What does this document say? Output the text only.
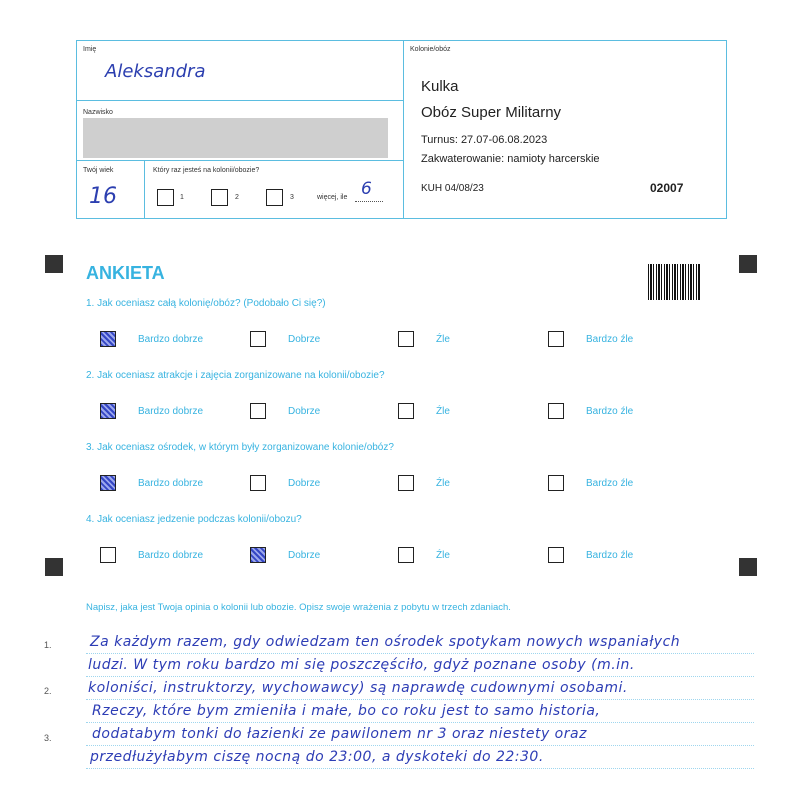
Imię
Aleksandra
Nazwisko
Twój wiek
16
Który raz jesteś na kolonii/obozie?
1	2	3	więcej, ile 6
Kolonie/obóz
Kulka
Obóz Super Militarny
Turnus: 27.07-06.08.2023
Zakwaterowanie: namioty harcerskie
KUH 04/08/23	02007
ANKIETA
1. Jak oceniasz całą kolonię/obóz? (Podobało Ci się?)
Bardzo dobrze	Dobrze	Źle	Bardzo źle
2. Jak oceniasz atrakcje i zajęcia zorganizowane na kolonii/obozie?
Bardzo dobrze	Dobrze	Źle	Bardzo źle
3. Jak oceniasz ośrodek, w którym były zorganizowane kolonie/obóz?
Bardzo dobrze	Dobrze	Źle	Bardzo źle
4. Jak oceniasz jedzenie podczas kolonii/obozu?
Bardzo dobrze	Dobrze	Źle	Bardzo źle
Napisz, jaka jest Twoja opinia o kolonii lub obozie. Opisz swoje wrażenia z pobytu w trzech zdaniach.
1.
2.
3.
Za każdym razem, gdy odwiedzam ten ośrodek spotykam nowych wspaniałych
ludzi. W tym roku bardzo mi się poszczęściło, gdyż poznane osoby (m.in.
koloniści, instruktorzy, wychowawcy) są naprawdę cudownymi osobami.
Rzeczy, które bym zmieniła i małe, bo co roku jest to samo historia,
dodatabym tonki do łazienki ze pawilonem nr 3 oraz niestety oraz
przedłużyłabym ciszę nocną do 23:00, a dyskoteki do 22:30.
